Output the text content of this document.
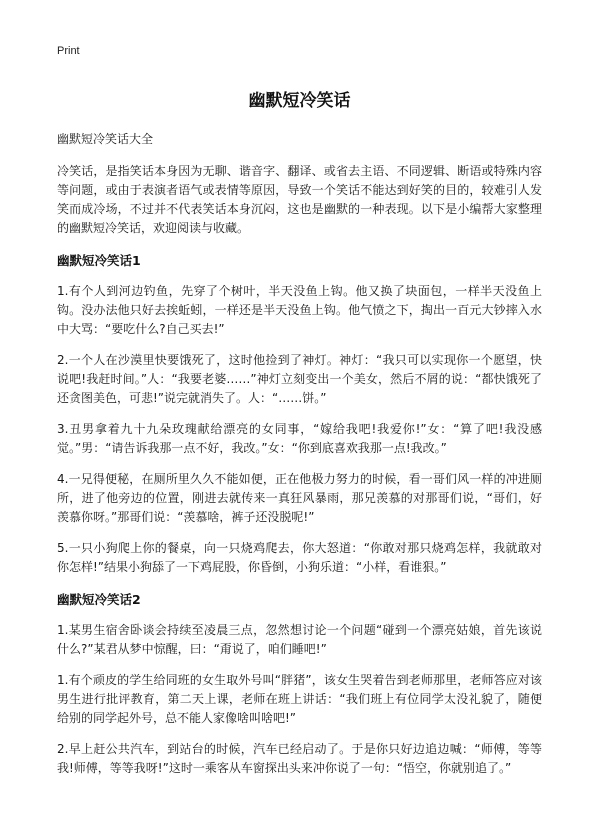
Print
幽默短冷笑话
幽默短冷笑话大全

冷笑话，是指笑话本身因为无聊、谐音字、翻译、或省去主语、不同逻辑、断语或特殊内容等问题，或由于表演者语气或表情等原因，导致一个笑话不能达到好笑的目的，较难引人发笑而成冷场，不过并不代表笑话本身沉闷，这也是幽默的一种表现。以下是小编帮大家整理的幽默短冷笑话，欢迎阅读与收藏。

幽默短冷笑话1

1.有个人到河边钓鱼，先穿了个树叶，半天没鱼上钩。他又换了块面包，一样半天没鱼上钩。没办法他只好去挨蚯蚓，一样还是半天没鱼上钩。他气愤之下，掏出一百元大钞摔入水中大骂：“要吃什么?自己买去!”

2.一个人在沙漠里快要饿死了，这时他捡到了神灯。神灯：“我只可以实现你一个愿望，快说吧!我赶时间。”人：“我要老婆……”神灯立刻变出一个美女，然后不屑的说：“都快饿死了还贪图美色，可悲!”说完就消失了。人：“……饼。”

3.丑男拿着九十九朵玫瑰献给漂亮的女同事，“嫁给我吧!我爱你!”女：“算了吧!我没感觉。”男：“请告诉我那一点不好，我改。”女：“你到底喜欢我那一点!我改。”

4.一兄得便秘，在厕所里久久不能如便，正在他极力努力的时候，看一哥们风一样的冲进厕所，进了他旁边的位置，刚进去就传来一真狂风暴雨，那兄羡慕的对那哥们说，“哥们，好羡慕你呀。”那哥们说：“羡慕啥，裤子还没脱呢!”

5.一只小狗爬上你的餐桌，向一只烧鸡爬去，你大怒道：“你敢对那只烧鸡怎样，我就敢对你怎样!”结果小狗舔了一下鸡屁股，你昏倒，小狗乐道：“小样，看谁狠。”

幽默短冷笑话2

1.某男生宿舍卧谈会持续至凌晨三点，忽然想讨论一个问题“碰到一个漂亮姑娘，首先该说什么?”某君从梦中惊醒，曰：“甭说了，咱们睡吧!”

1.有个顽皮的学生给同班的女生取外号叫“胖猪”，该女生哭着告到老师那里，老师答应对该男生进行批评教育，第二天上课，老师在班上讲话：“我们班上有位同学太没礼貌了，随便给别的同学起外号，总不能人家像啥叫啥吧!”

2.早上赶公共汽车，到站台的时候，汽车已经启动了。于是你只好边追边喊：“师傅，等等我!师傅，等等我呀!”这时一乘客从车窗探出头来冲你说了一句：“悟空，你就别追了。”
